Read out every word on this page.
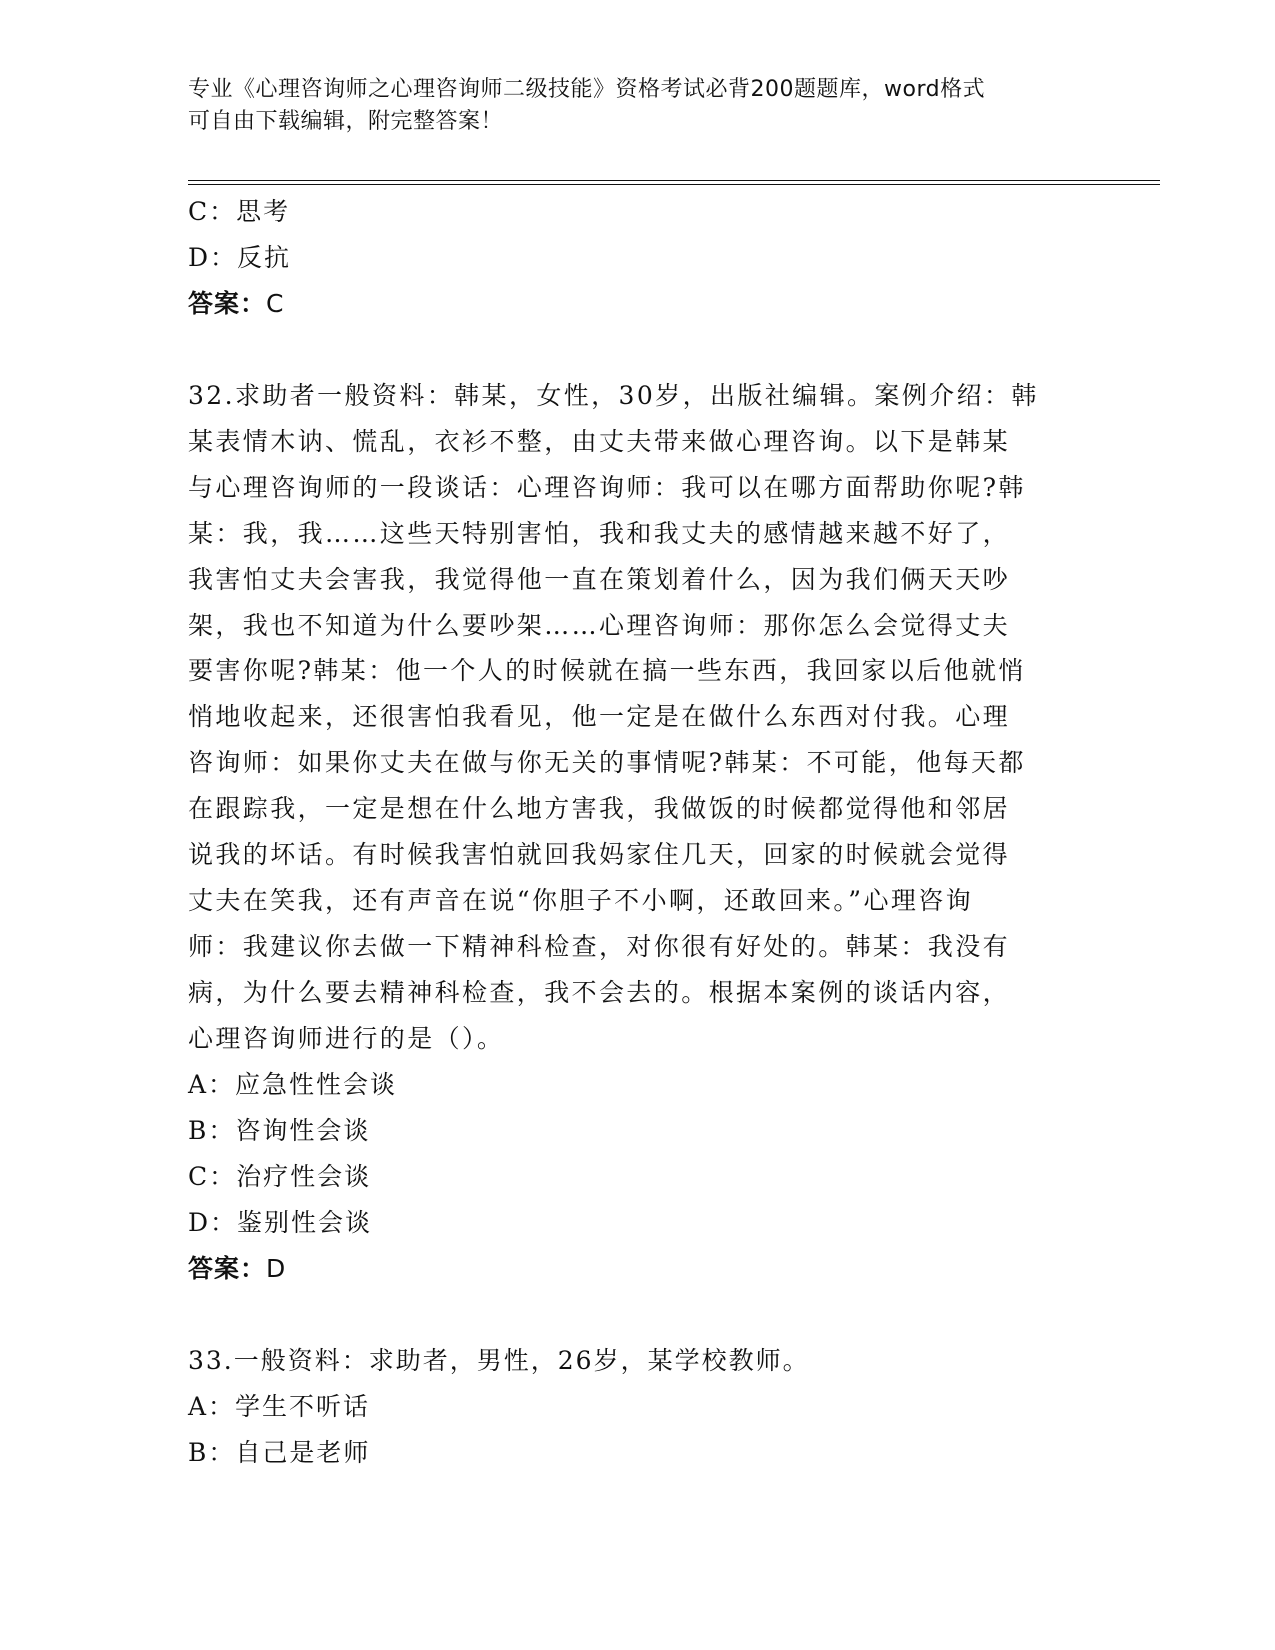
专业《心理咨询师之心理咨询师二级技能》资格考试必背200题题库，word格式
可自由下载编辑，附完整答案！
C：思考
D：反抗
答案：C
32.求助者一般资料：韩某，女性，30岁，出版社编辑。案例介绍：韩
某表情木讷、慌乱，衣衫不整，由丈夫带来做心理咨询。以下是韩某
与心理咨询师的一段谈话：心理咨询师：我可以在哪方面帮助你呢?韩
某：我，我……这些天特别害怕，我和我丈夫的感情越来越不好了，
我害怕丈夫会害我，我觉得他一直在策划着什么，因为我们俩天天吵
架，我也不知道为什么要吵架……心理咨询师：那你怎么会觉得丈夫
要害你呢?韩某：他一个人的时候就在搞一些东西，我回家以后他就悄
悄地收起来，还很害怕我看见，他一定是在做什么东西对付我。心理
咨询师：如果你丈夫在做与你无关的事情呢?韩某：不可能，他每天都
在跟踪我，一定是想在什么地方害我，我做饭的时候都觉得他和邻居
说我的坏话。有时候我害怕就回我妈家住几天，回家的时候就会觉得
丈夫在笑我，还有声音在说“你胆子不小啊，还敢回来。”心理咨询
师：我建议你去做一下精神科检查，对你很有好处的。韩某：我没有
病，为什么要去精神科检查，我不会去的。根据本案例的谈话内容，
心理咨询师进行的是（）。
A：应急性性会谈
B：咨询性会谈
C：治疗性会谈
D：鉴别性会谈
答案：D
33.一般资料：求助者，男性，26岁，某学校教师。
A：学生不听话
B：自己是老师
